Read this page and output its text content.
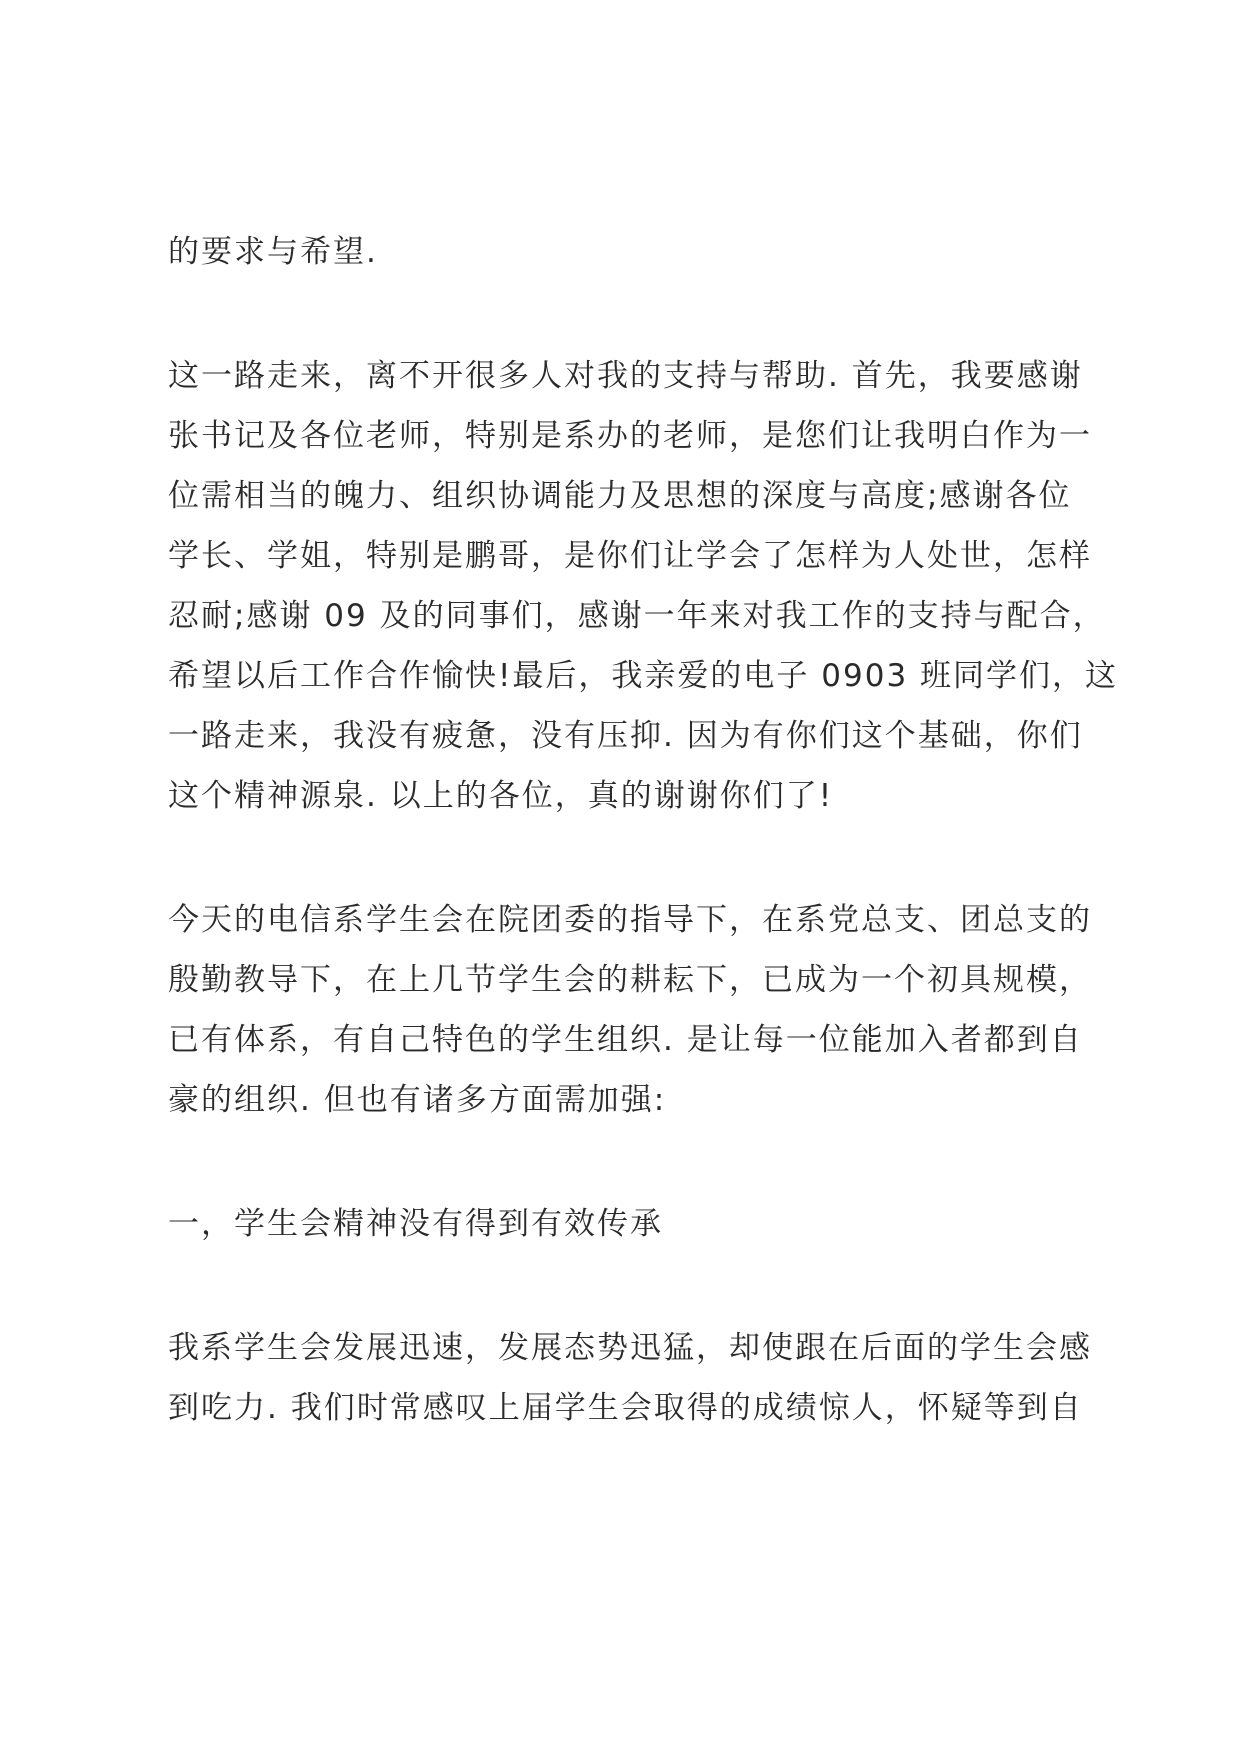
的要求与希望.

这一路走来，离不开很多人对我的支持与帮助. 首先，我要感谢
张书记及各位老师，特别是系办的老师，是您们让我明白作为一
位需相当的魄力、组织协调能力及思想的深度与高度;感谢各位
学长、学姐，特别是鹏哥，是你们让学会了怎样为人处世，怎样
忍耐;感谢 09 及的同事们，感谢一年来对我工作的支持与配合，
希望以后工作合作愉快!最后，我亲爱的电子 0903 班同学们，这
一路走来，我没有疲惫，没有压抑. 因为有你们这个基础，你们
这个精神源泉. 以上的各位，真的谢谢你们了!

今天的电信系学生会在院团委的指导下，在系党总支、团总支的
殷勤教导下，在上几节学生会的耕耘下，已成为一个初具规模，
已有体系，有自己特色的学生组织. 是让每一位能加入者都到自
豪的组织. 但也有诸多方面需加强:

一，学生会精神没有得到有效传承

我系学生会发展迅速，发展态势迅猛，却使跟在后面的学生会感
到吃力. 我们时常感叹上届学生会取得的成绩惊人，怀疑等到自
